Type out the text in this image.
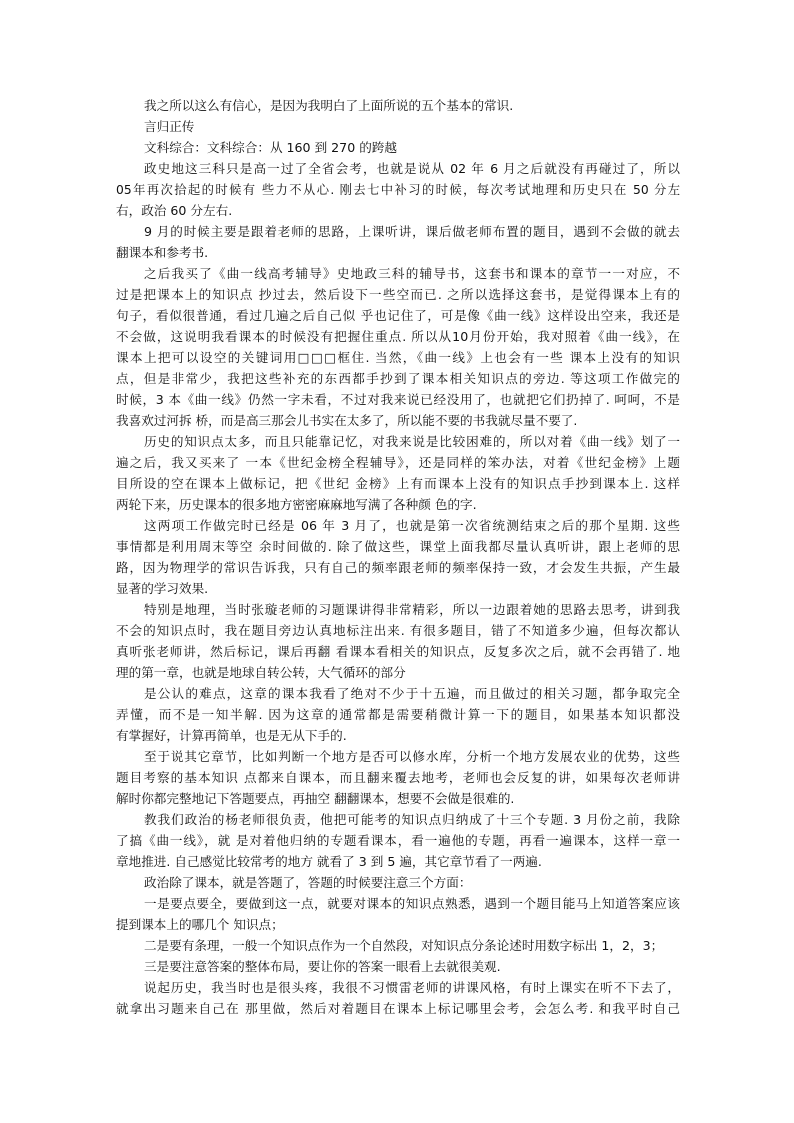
我之所以这么有信心，是因为我明白了上面所说的五个基本的常识.

言归正传

文科综合：文科综合：从 160 到 270 的跨越

政史地这三科只是高一过了全省会考，也就是说从 02 年 6 月之后就没有再碰过了，所以

05年再次拾起的时候有 些力不从心. 刚去七中补习的时候，每次考试地理和历史只在 50 分左

右，政治 60 分左右.

9 月的时候主要是跟着老师的思路，上课听讲，课后做老师布置的题目，遇到不会做的就去

翻课本和参考书.

之后我买了《曲一线高考辅导》史地政三科的辅导书，这套书和课本的章节一一对应，不

过是把课本上的知识点 抄过去，然后设下一些空而已. 之所以选择这套书，是觉得课本上有的

句子，看似很普通，看过几遍之后自己似 乎也记住了，可是像《曲一线》这样设出空来，我还是

不会做，这说明我看课本的时候没有把握住重点. 所以从10月份开始，我对照着《曲一线》，在

课本上把可以设空的关键词用□□□框住. 当然，《曲一线》上也会有一些 课本上没有的知识

点，但是非常少，我把这些补充的东西都手抄到了课本相关知识点的旁边. 等这项工作做完的

时候，3 本《曲一线》仍然一字未看，不过对我来说已经没用了，也就把它们扔掉了. 呵呵，不是

我喜欢过河拆 桥，而是高三那会儿书实在太多了，所以能不要的书我就尽量不要了.

历史的知识点太多，而且只能靠记忆，对我来说是比较困难的，所以对着《曲一线》划了一

遍之后，我又买来了 一本《世纪金榜全程辅导》，还是同样的笨办法，对着《世纪金榜》上题

目所设的空在课本上做标记，把《世纪 金榜》上有而课本上没有的知识点手抄到课本上. 这样

两轮下来，历史课本的很多地方密密麻麻地写满了各种颜 色的字.

这两项工作做完时已经是 06 年 3 月了，也就是第一次省统测结束之后的那个星期. 这些

事情都是利用周末等空 余时间做的. 除了做这些，课堂上面我都尽量认真听讲，跟上老师的思

路，因为物理学的常识告诉我，只有自己的频率跟老师的频率保持一致，才会发生共振，产生最

显著的学习效果.

特别是地理，当时张璇老师的习题课讲得非常精彩，所以一边跟着她的思路去思考，讲到我

不会的知识点时，我在题目旁边认真地标注出来. 有很多题目，错了不知道多少遍，但每次都认

真听张老师讲，然后标记，课后再翻 看课本看相关的知识点，反复多次之后，就不会再错了. 地

理的第一章，也就是地球自转公转，大气循环的部分

是公认的难点，这章的课本我看了绝对不少于十五遍，而且做过的相关习题，都争取完全

弄懂，而不是一知半解. 因为这章的通常都是需要稍微计算一下的题目，如果基本知识都没

有掌握好，计算再简单，也是无从下手的.

至于说其它章节，比如判断一个地方是否可以修水库，分析一个地方发展农业的优势，这些

题目考察的基本知识 点都来自课本，而且翻来覆去地考，老师也会反复的讲，如果每次老师讲

解时你都完整地记下答题要点，再抽空 翻翻课本，想要不会做是很难的.

教我们政治的杨老师很负责，他把可能考的知识点归纳成了十三个专题. 3 月份之前，我除

了搞《曲一线》，就 是对着他归纳的专题看课本，看一遍他的专题，再看一遍课本，这样一章一

章地推进. 自己感觉比较常考的地方 就看了 3 到 5 遍，其它章节看了一两遍.

政治除了课本，就是答题了，答题的时候要注意三个方面：

一是要点要全，要做到这一点，就要对课本的知识点熟悉，遇到一个题目能马上知道答案应该

提到课本上的哪几个 知识点；

二是要有条理，一般一个知识点作为一个自然段，对知识点分条论述时用数字标出 1，2，3；

三是要注意答案的整体布局，要让你的答案一眼看上去就很美观.

说起历史，我当时也是很头疼，我很不习惯雷老师的讲课风格，有时上课实在听不下去了，

就拿出习题来自己在 那里做，然后对着题目在课本上标记哪里会考，会怎么考. 和我平时自己
